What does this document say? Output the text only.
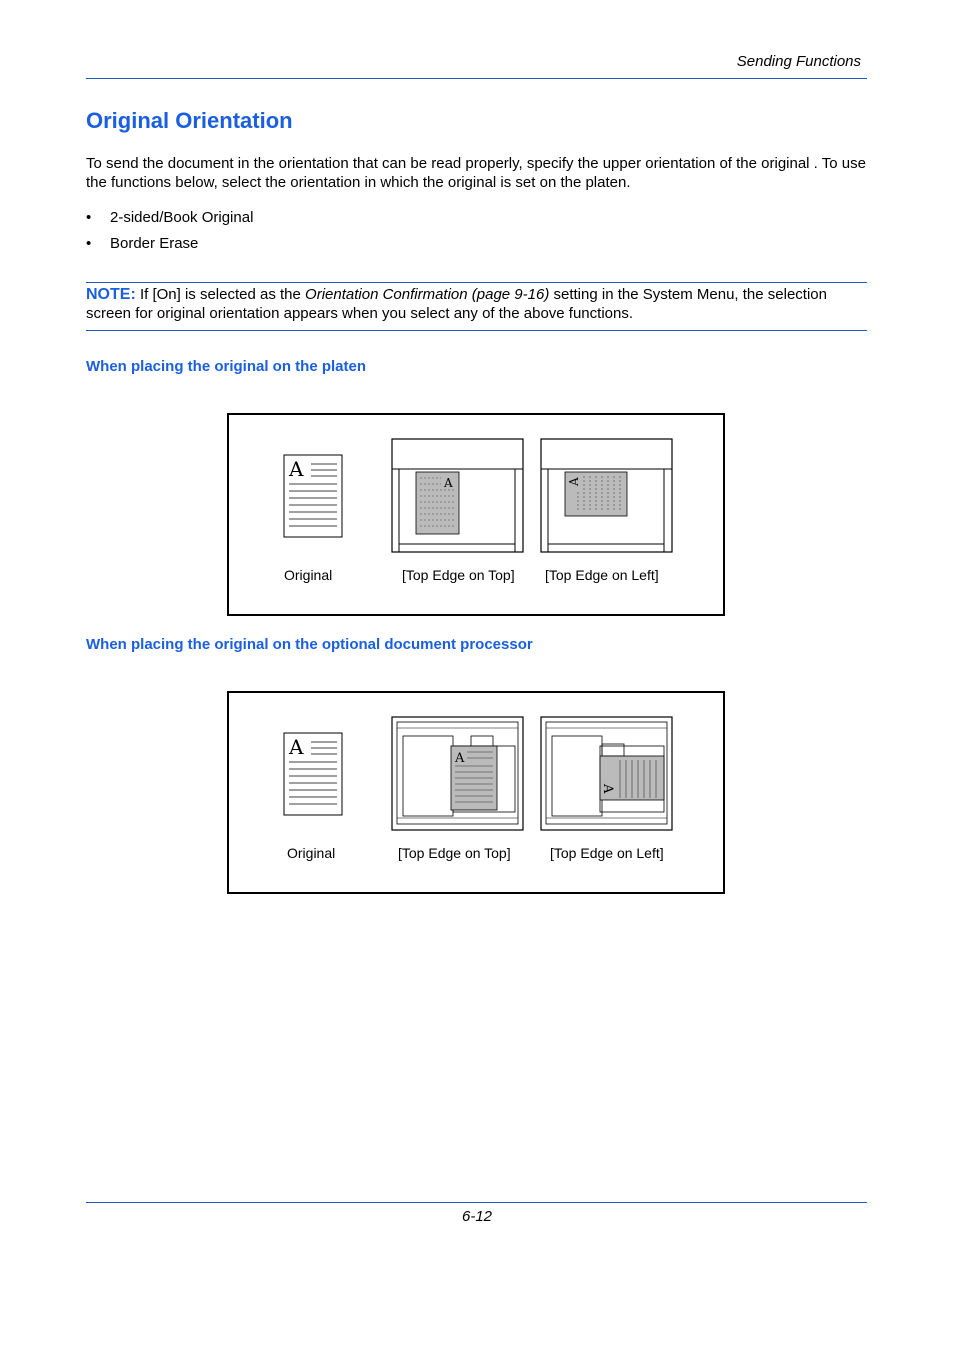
Sending Functions
Original Orientation
To send the document in the orientation that can be read properly, specify the upper orientation of the original . To use the functions below, select the orientation in which the original is set on the platen.
• 2-sided/Book Original
• Border Erase
NOTE: If [On] is selected as the Orientation Confirmation (page 9-16) setting in the System Menu, the selection screen for original orientation appears when you select any of the above functions.
When placing the original on the platen
A
A	A
Original	[Top Edge on Top] [Top Edge on Left]
When placing the original on the optional document processor
A	A
A
Original	[Top Edge on Top]	[Top Edge on Left]
6-12
